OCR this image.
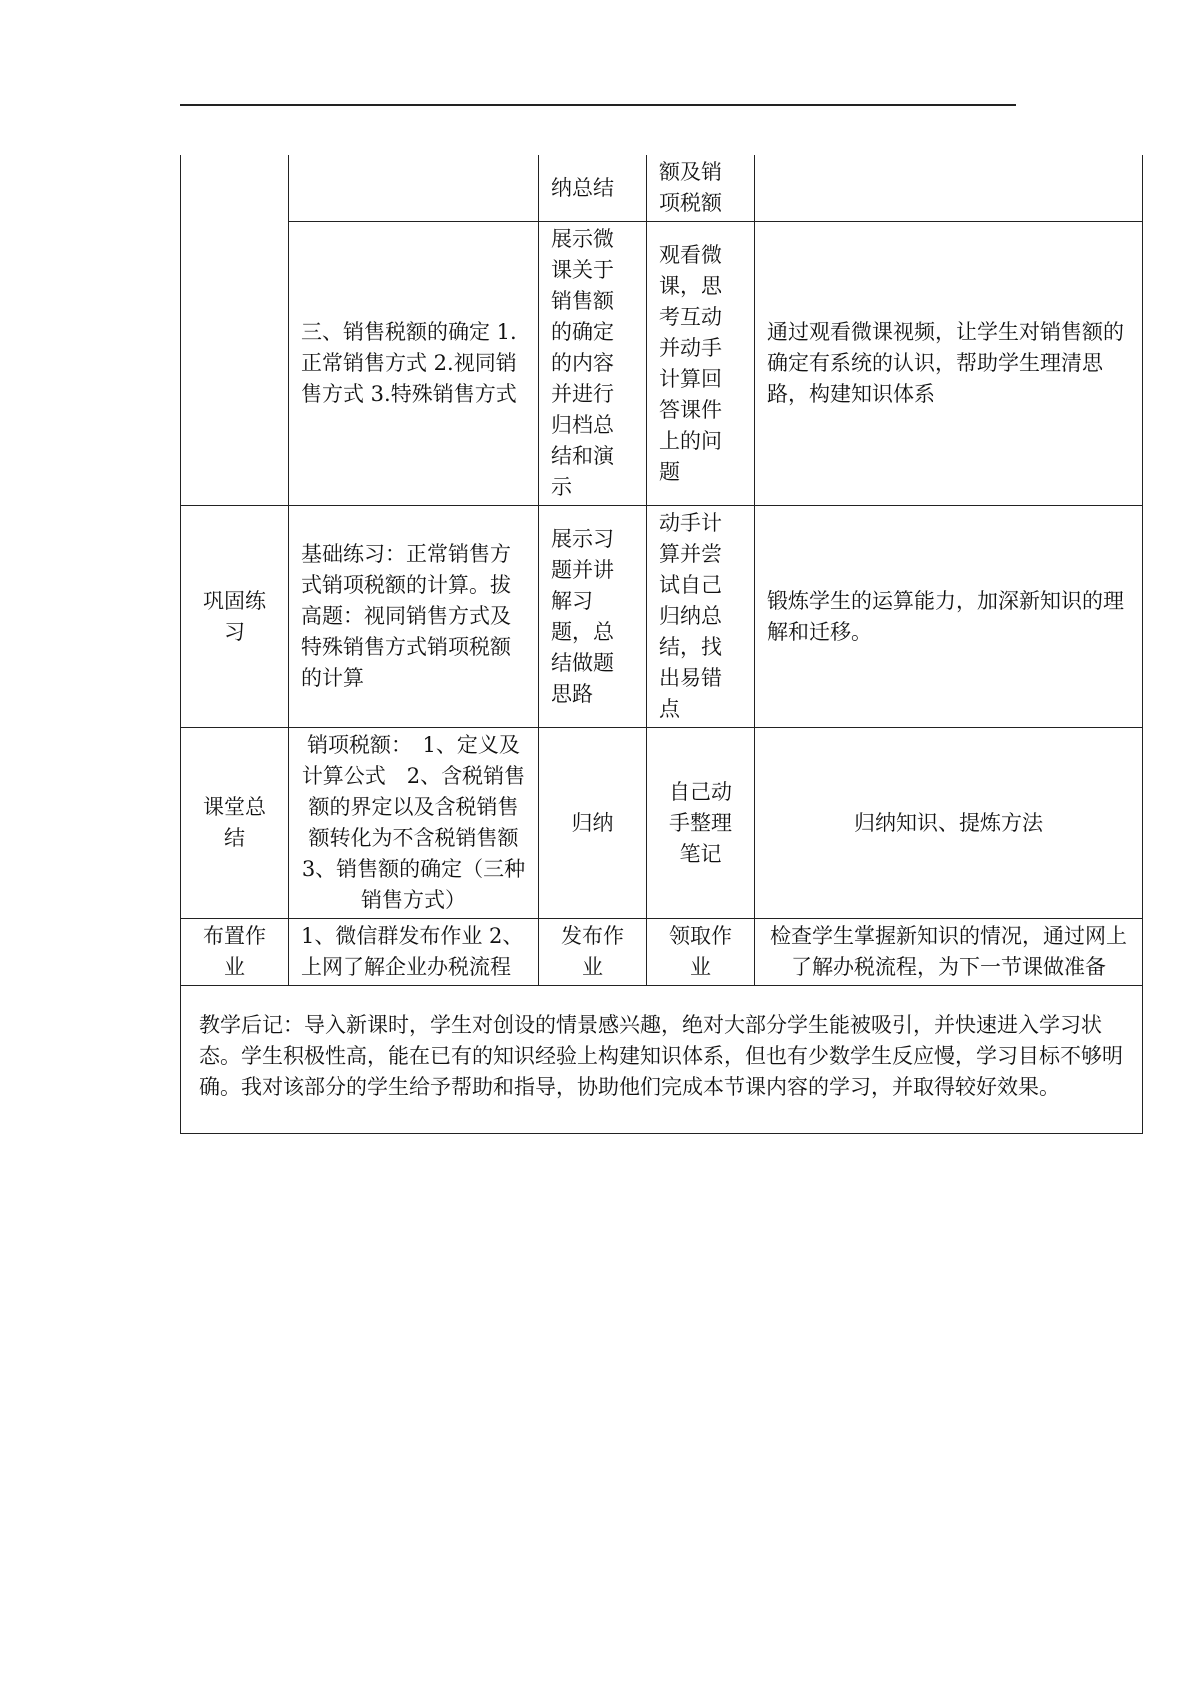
		纳总结	额及销项税额	
	三、销售税额的确定 1.正常销售方式 2.视同销售方式 3.特殊销售方式	展示微课关于销售额的确定的内容并进行归档总结和演示	观看微课，思考互动并动手计算回答课件上的问题	通过观看微课视频，让学生对销售额的确定有系统的认识，帮助学生理清思路，构建知识体系
巩固练习	基础练习：正常销售方式销项税额的计算。拔高题：视同销售方式及特殊销售方式销项税额的计算	展示习题并讲解习题，总结做题思路	动手计算并尝试自己归纳总结，找出易错点	锻炼学生的运算能力，加深新知识的理解和迁移。
课堂总结	销项税额：　1、定义及计算公式　2、含税销售额的界定以及含税销售额转化为不含税销售额 3、销售额的确定（三种销售方式）	归纳	自己动手整理笔记	归纳知识、提炼方法
布置作业	1、微信群发布作业 2、上网了解企业办税流程	发布作业	领取作业	检查学生掌握新知识的情况，通过网上了解办税流程，为下一节课做准备
教学后记：导入新课时，学生对创设的情景感兴趣，绝对大部分学生能被吸引，并快速进入学习状态。学生积极性高，能在已有的知识经验上构建知识体系，但也有少数学生反应慢，学习目标不够明确。我对该部分的学生给予帮助和指导，协助他们完成本节课内容的学习，并取得较好效果。				
